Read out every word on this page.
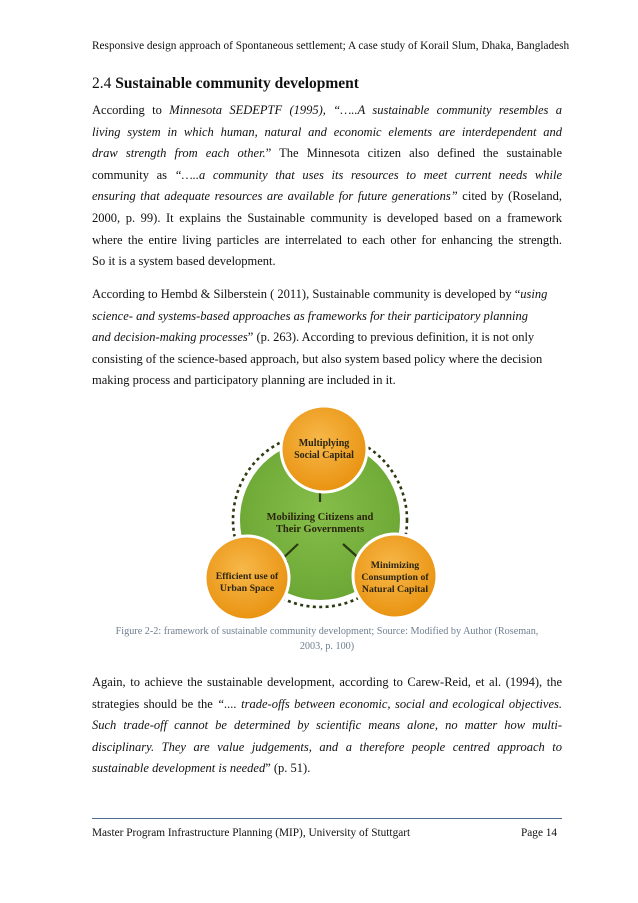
Responsive design approach of Spontaneous settlement; A case study of Korail Slum, Dhaka, Bangladesh
2.4 Sustainable community development
According to Minnesota SEDEPTF (1995), “…..A sustainable community resembles a
living system in which human, natural and economic elements are interdependent and
draw strength from each other.” The Minnesota citizen also defined the sustainable
community as “…..a community that uses its resources to meet current needs while
ensuring that adequate resources are available for future generations” cited by (Roseland,
2000, p. 99). It explains the Sustainable community is developed based on a framework
where the entire living particles are interrelated to each other for enhancing the strength.
So it is a system based development.
According to Hembd & Silberstein ( 2011), Sustainable community is developed by “using
science- and systems-based approaches as frameworks for their participatory planning
and decision-making processes” (p. 263). According to previous definition, it is not only
consisting of the science-based approach, but also system based policy where the decision
making process and participatory planning are included in it.
Multiplying
Social Capital
Mobilizing Citizens and
Their Governments
Efficient use of
Urban Space
Minimizing
Consumption of
Natural Capital
Figure 2-2: framework of sustainable community development; Source: Modified by Author (Roseman,
2003, p. 100)
Again, to achieve the sustainable development, according to Carew-Reid, et al. (1994), the
strategies should be the “.... trade-offs between economic, social and ecological objectives.
Such trade-off cannot be determined by scientific means alone, no matter how multi-
disciplinary. They are value judgements, and a therefore people centred approach to
sustainable development is needed” (p. 51).
Master Program Infrastructure Planning (MIP), University of Stuttgart	Page 14
